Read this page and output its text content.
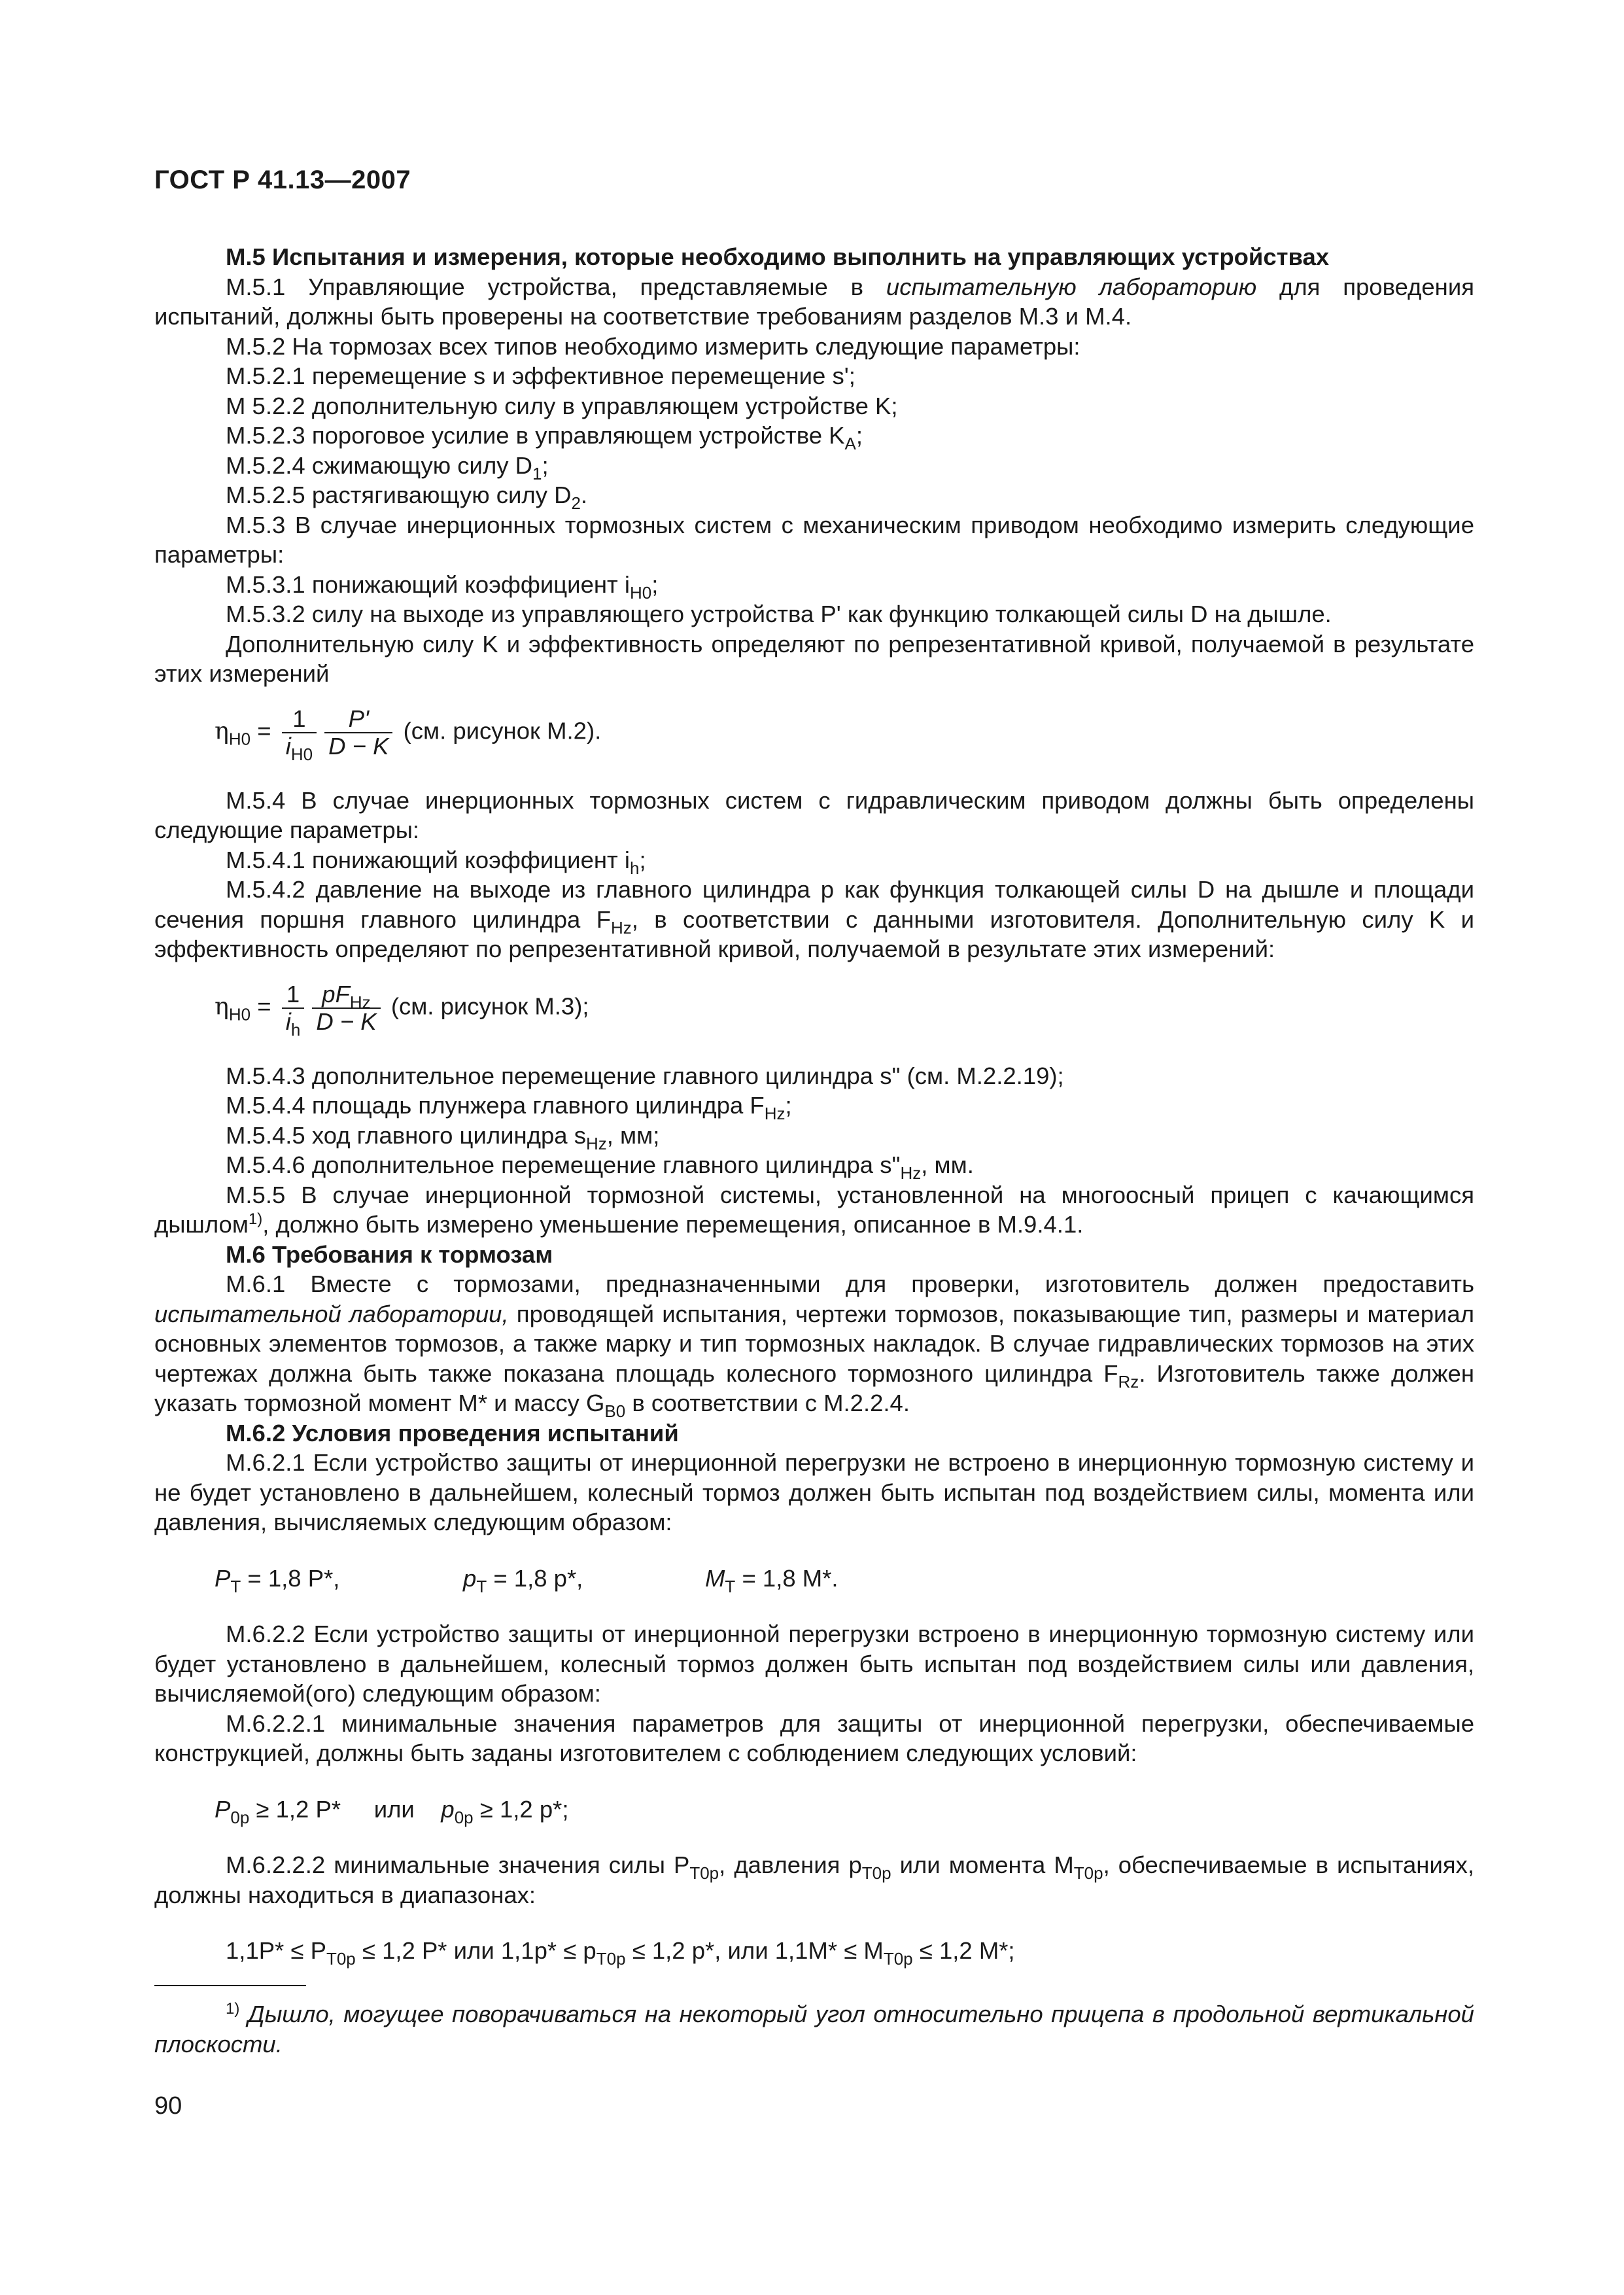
ГОСТ Р 41.13—2007

М.5 Испытания и измерения, которые необходимо выполнить на управляющих устройствах

М.5.1 Управляющие устройства, представляемые в испытательную лабораторию для проведения испытаний, должны быть проверены на соответствие требованиям разделов М.3 и М.4.

М.5.2 На тормозах всех типов необходимо измерить следующие параметры:

М.5.2.1 перемещение s и эффективное перемещение s';

М 5.2.2 дополнительную силу в управляющем устройстве K;

М.5.2.3 пороговое усилие в управляющем устройстве $K_A$;

М.5.2.4 сжимающую силу $D_1$;

М.5.2.5 растягивающую силу $D_2$.

М.5.3 В случае инерционных тормозных систем с механическим приводом необходимо измерить следующие параметры:

М.5.3.1 понижающий коэффициент $i_{H0}$;

М.5.3.2 силу на выходе из управляющего устройства P' как функцию толкающей силы D на дышле.

Дополнительную силу K и эффективность определяют по репрезентативной кривой, получаемой в результате этих измерений

$\eta_{H0} = \frac{1}{i_{H0}} \frac{P'}{D - K} (см$. рисунок М.2).

М.5.4 В случае инерционных тормозных систем с гидравлическим приводом должны быть определены следующие параметры:

М.5.4.1 понижающий коэффициент $i_h$;

М.5.4.2 давление на выходе из главного цилиндра p как функция толкающей силы D на дышле и площади сечения поршня главного цилиндра $F_{Hz}$, в соответствии с данными изготовителя. Дополнительную силу K и эффективность определяют по репрезентативной кривой, получаемой в результате этих измерений:

$\eta_{H0} = \frac{1}{i_h} \frac{pF_{Hz}}{D - K} (см$. рисунок М.3);

М.5.4.3 дополнительное перемещение главного цилиндра s" (см. М.2.2.19);

М.5.4.4 площадь плунжера главного цилиндра $F_{Hz}$;

М.5.4.5 ход главного цилиндра $s_{Hz}$, мм;

М.5.4.6 дополнительное перемещение главного цилиндра $s"_{Hz}$, мм.

М.5.5 В случае инерционной тормозной системы, установленной на многоосный прицеп с качающимся дышлом$^{1)}$, должно быть измерено уменьшение перемещения, описанное в М.9.4.1.

М.6 Требования к тормозам

М.6.1 Вместе с тормозами, предназначенными для проверки, изготовитель должен предоставить испытательной лаборатории, проводящей испытания, чертежи тормозов, показывающие тип, размеры и материал основных элементов тормозов, а также марку и тип тормозных накладок. В случае гидравлических тормозов на этих чертежах должна быть также показана площадь колесного тормозного цилиндра $F_{Rz}$. Изготовитель также должен указать тормозной момент M* и массу $G_{B0}$ в соответствии с М.2.2.4.

М.6.2 Условия проведения испытаний

М.6.2.1 Если устройство защиты от инерционной перегрузки не встроено в инерционную тормозную систему и не будет установлено в дальнейшем, колесный тормоз должен быть испытан под воздействием силы, момента или давления, вычисляемых следующим образом:

$P_T = 1,8$ P*,	$p_T = 1,8$ p*,	$M_T = 1,8$ M*.

М.6.2.2 Если устройство защиты от инерционной перегрузки встроено в инерционную тормозную систему или будет установлено в дальнейшем, колесный тормоз должен быть испытан под воздействием силы или давления, вычисляемой(ого) следующим образом:

М.6.2.2.1 минимальные значения параметров для защиты от инерционной перегрузки, обеспечиваемые конструкцией, должны быть заданы изготовителем с соблюдением следующих условий:

$P_{0p} \ge 1,2$ P* или $p_{0p} \ge 1,2$ p*;

М.6.2.2.2 минимальные значения силы $P_{T0p}$, давления $p_{T0p}$ или момента $M_{T0p}$, обеспечиваемые в испытаниях, должны находиться в диапазонах:

$1,1P* \le P_{T0p} \le 1,2$ P* или $1,1p* \le p_{T0p} \le 1,2$ p*, или $1,1M* \le M_{T0p} \le 1,2$ M*;
$^{1)}$ Дышло, могущее поворачиваться на некоторый угол относительно прицепа в продольной вертикальной плоскости.
90
